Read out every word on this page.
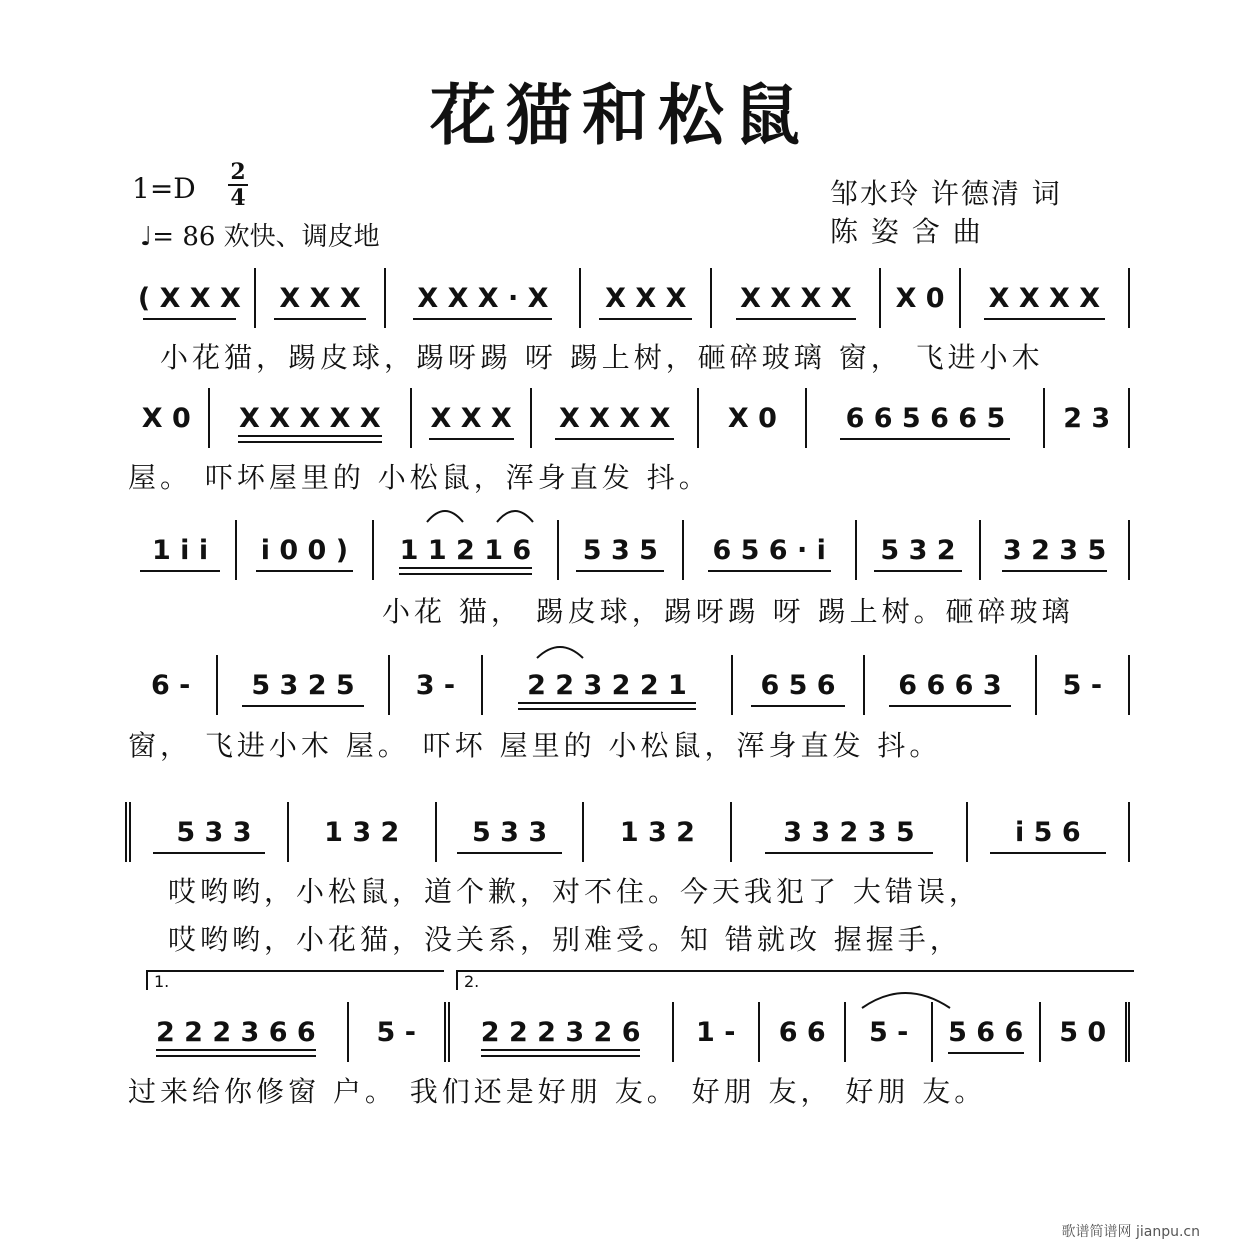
花猫和松鼠
1=D 2
4
♩= 86 欢快、调皮地
邹水玲 许德清 词
陈 姿 含 曲
( X X X	X X X	X X X · X	X X X	X X X X	X 0	X X X X
小花猫，踢皮球，踢呀踢 呀 踢上树，砸碎玻璃 窗， 飞进小木
X 0	X X X X X	X X X	X X X X	X 0	6 6 5 6 6 5	2 3
屋。 吓坏屋里的 小松鼠，浑身直发 抖。
1 i i	i 0 0 )	1 1 2 1 6	5 3 5	6 5 6 · i	5 3 2	3 2 3 5
小花 猫， 踢皮球，踢呀踢 呀 踢上树。砸碎玻璃
6 -	5 3 2 5	3 -	2 2 3 2 2 1	6 5 6	6 6 6 3	5 -
窗， 飞进小木 屋。 吓坏 屋里的 小松鼠，浑身直发 抖。
5 3 3	1 3 2	5 3 3	1 3 2	3 3 2 3 5	i 5 6
哎哟哟，小松鼠，道个歉，对不住。今天我犯了 大错误，
哎哟哟，小花猫，没关系，别难受。知 错就改 握握手，
1.	2.
2 2 2 3 6 6	5 -	2 2 2 3 2 6	1 -	6 6	5 -	5 6 6	5 0
过来给你修窗 户。 我们还是好朋 友。 好朋 友， 好朋 友。
歌谱简谱网 jianpu.cn
